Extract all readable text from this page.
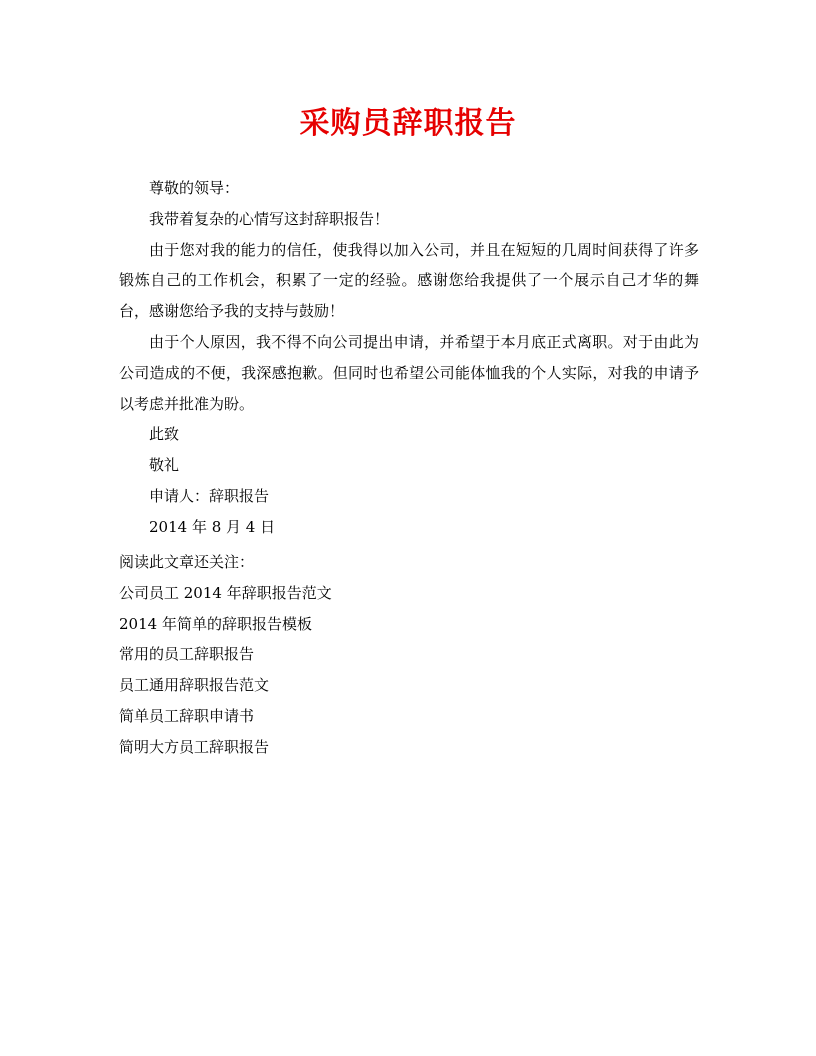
采购员辞职报告

尊敬的领导：

我带着复杂的心情写这封辞职报告！

由于您对我的能力的信任，使我得以加入公司，并且在短短的几周时间获得了许多锻炼自己的工作机会，积累了一定的经验。感谢您给我提供了一个展示自己才华的舞台，感谢您给予我的支持与鼓励！

由于个人原因，我不得不向公司提出申请，并希望于本月底正式离职。对于由此为公司造成的不便，我深感抱歉。但同时也希望公司能体恤我的个人实际，对我的申请予以考虑并批准为盼。

此致

敬礼

申请人：辞职报告

2014 年 8 月 4 日

阅读此文章还关注：
公司员工 2014 年辞职报告范文
2014 年简单的辞职报告模板
常用的员工辞职报告
员工通用辞职报告范文
简单员工辞职申请书
简明大方员工辞职报告
